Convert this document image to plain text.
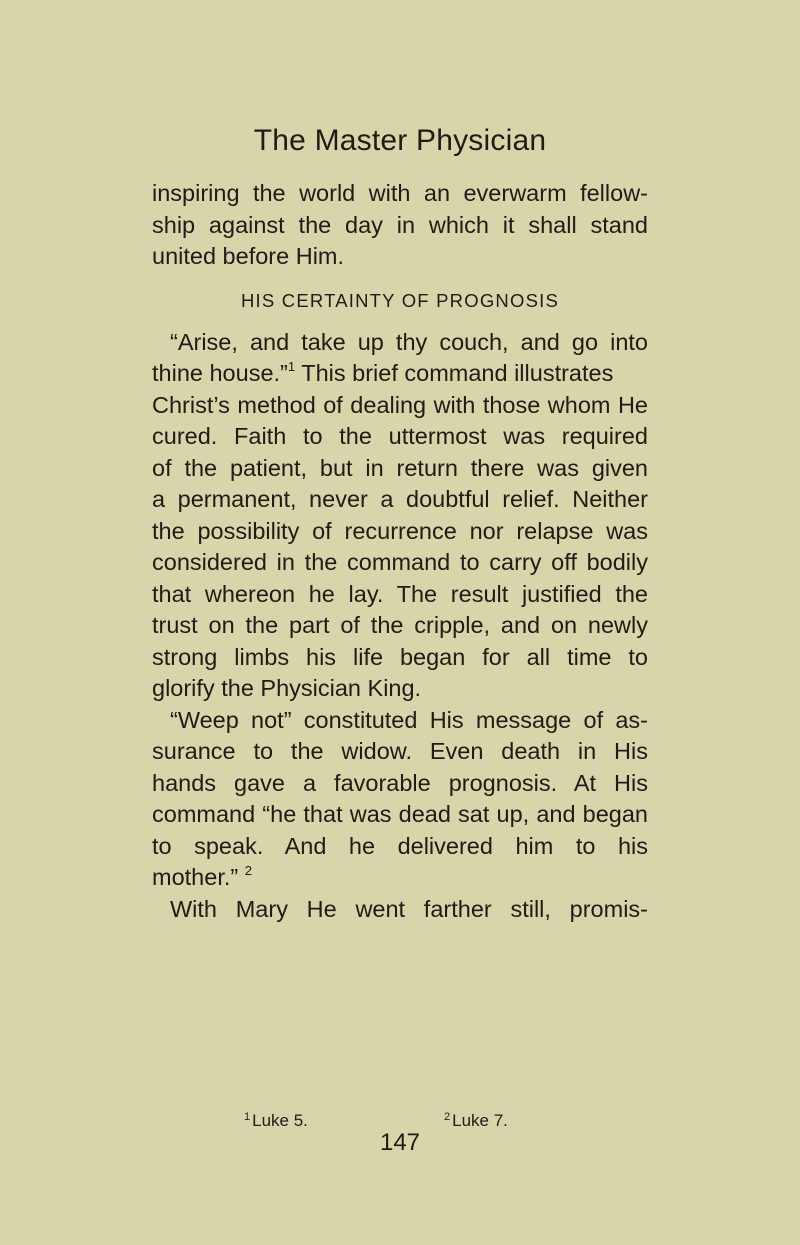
The Master Physician
inspiring the world with an everwarm fellow-
ship against the day in which it shall stand
united before Him.
HIS CERTAINTY OF PROGNOSIS
“Arise, and take up thy couch, and go into
thine house.”$^1$ This brief command illustrates
Christ’s method of dealing with those whom He
cured. Faith to the uttermost was required
of the patient, but in return there was given
a permanent, never a doubtful relief. Neither
the possibility of recurrence nor relapse was
considered in the command to carry off bodily
that whereon he lay. The result justified the
trust on the part of the cripple, and on newly
strong limbs his life began for all time to
glorify the Physician King.
“Weep not” constituted His message of as-
surance to the widow. Even death in His
hands gave a favorable prognosis. At His
command “he that was dead sat up, and began
to speak. And he delivered him to his
mother.” $^2$
With Mary He went farther still, promis-
$^1$ Luke 5.	$^2$ Luke 7.
147
